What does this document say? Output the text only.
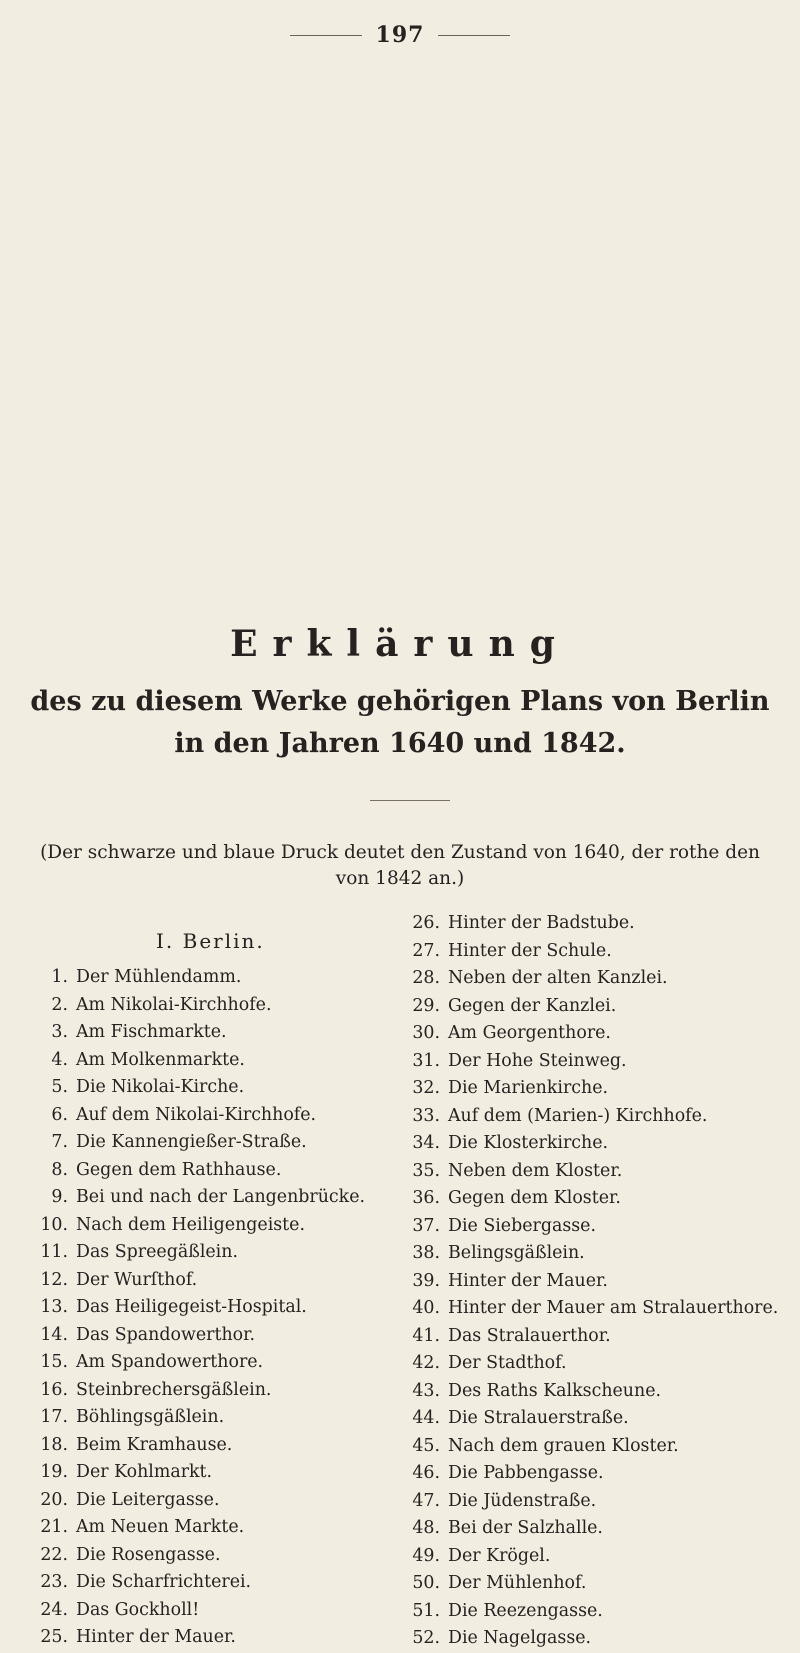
197
Erklärung
des zu diesem Werke gehörigen Plans von Berlin
in den Jahren 1640 und 1842.
(Der schwarze und blaue Druck deutet den Zustand von 1640, der rothe den
von 1842 an.)
I. Berlin.
1. Der Mühlendamm.
2. Am Nikolai-Kirchhofe.
3. Am Fischmarkte.
4. Am Molkenmarkte.
5. Die Nikolai-Kirche.
6. Auf dem Nikolai-Kirchhofe.
7. Die Kannengießer-Straße.
8. Gegen dem Rathhause.
9. Bei und nach der Langenbrücke.
10. Nach dem Heiligengeiste.
11. Das Spreegäßlein.
12. Der Wurſthof.
13. Das Heiligegeist-Hospital.
14. Das Spandowerthor.
15. Am Spandowerthore.
16. Steinbrechersgäßlein.
17. Böhlingsgäßlein.
18. Beim Kramhause.
19. Der Kohlmarkt.
20. Die Leitergasse.
21. Am Neuen Markte.
22. Die Rosengasse.
23. Die Scharfrichterei.
24. Das Gockholl!
25. Hinter der Mauer.
26. Hinter der Badstube.
27. Hinter der Schule.
28. Neben der alten Kanzlei.
29. Gegen der Kanzlei.
30. Am Georgenthore.
31. Der Hohe Steinweg.
32. Die Marienkirche.
33. Auf dem (Marien-) Kirchhofe.
34. Die Klosterkirche.
35. Neben dem Kloster.
36. Gegen dem Kloster.
37. Die Siebergasse.
38. Belingsgäßlein.
39. Hinter der Mauer.
40. Hinter der Mauer am Stralauerthore.
41. Das Stralauerthor.
42. Der Stadthof.
43. Des Raths Kalkscheune.
44. Die Stralauerstraße.
45. Nach dem grauen Kloster.
46. Die Pabbengasse.
47. Die Jüdenstraße.
48. Bei der Salzhalle.
49. Der Krögel.
50. Der Mühlenhof.
51. Die Reezengasse.
52. Die Nagelgasse.
